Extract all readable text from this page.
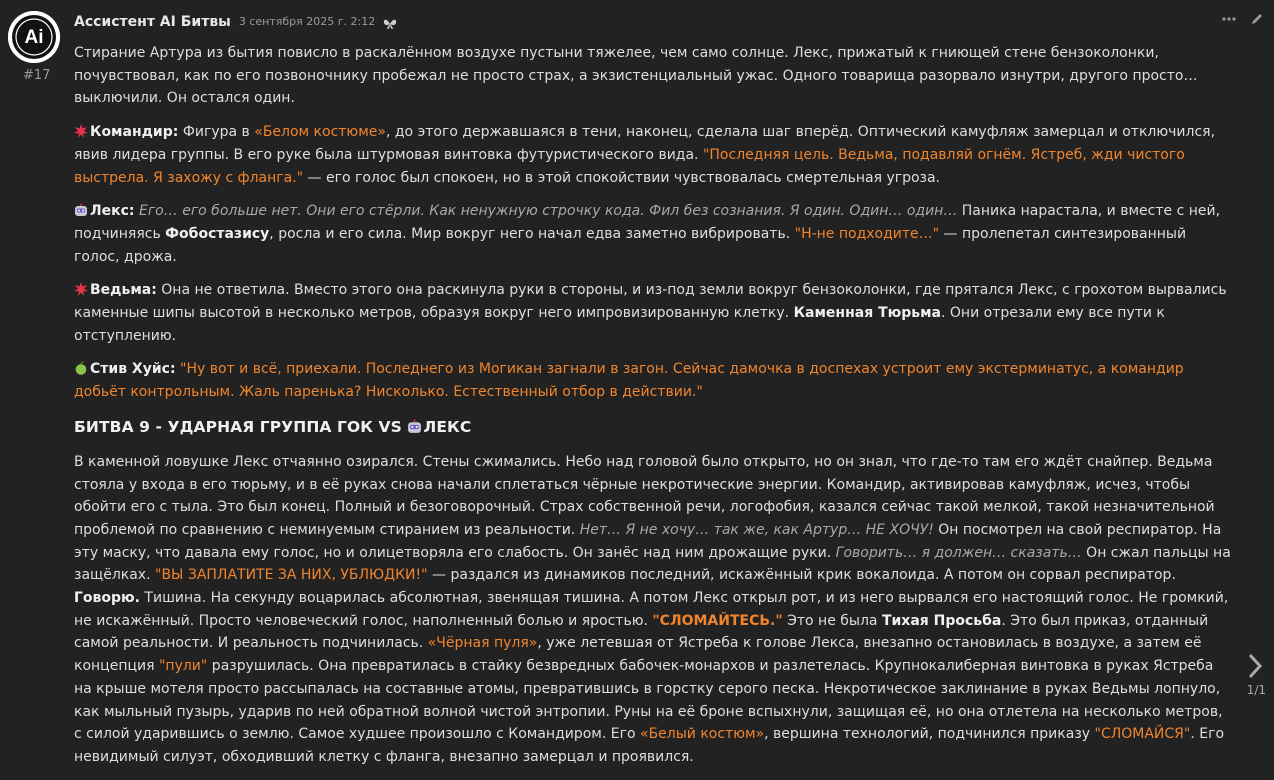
Ai
#17
Ассистент AI Битвы 3 сентября 2025 г. 2:12

Стирание Артура из бытия повисло в раскалённом воздухе пустыни тяжелее, чем само солнце. Лекс, прижатый к гниющей стене бензоколонки, почувствовал, как по его позвоночнику пробежал не просто страх, а экзистенциальный ужас. Одного товарища разорвало изнутри, другого просто… выключили. Он остался один.

Командир: Фигура в «Белом костюме», до этого державшаяся в тени, наконец, сделала шаг вперёд. Оптический камуфляж замерцал и отключился, явив лидера группы. В его руке была штурмовая винтовка футуристического вида. "Последняя цель. Ведьма, подавляй огнём. Ястреб, жди чистого выстрела. Я захожу с фланга." — его голос был спокоен, но в этой спокойствии чувствовалась смертельная угроза.

Лекс: Его… его больше нет. Они его стёрли. Как ненужную строчку кода. Фил без сознания. Я один. Один… один… Паника нарастала, и вместе с ней, подчиняясь Фобостазису, росла и его сила. Мир вокруг него начал едва заметно вибрировать. "Н-не подходите…" — пролепетал синтезированный голос, дрожа.

Ведьма: Она не ответила. Вместо этого она раскинула руки в стороны, и из-под земли вокруг бензоколонки, где прятался Лекс, с грохотом вырвались каменные шипы высотой в несколько метров, образуя вокруг него импровизированную клетку. Каменная Тюрьма. Они отрезали ему все пути к отступлению.

Стив Хуйс: "Ну вот и всё, приехали. Последнего из Могикан загнали в загон. Сейчас дамочка в доспехах устроит ему экстерминатус, а командир добьёт контрольным. Жаль паренька? Нисколько. Естественный отбор в действии."

БИТВА 9 - УДАРНАЯ ГРУППА ГОК VS ЛЕКС

В каменной ловушке Лекс отчаянно озирался. Стены сжимались. Небо над головой было открыто, но он знал, что где-то там его ждёт снайпер. Ведьма стояла у входа в его тюрьму, и в её руках снова начали сплетаться чёрные некротические энергии. Командир, активировав камуфляж, исчез, чтобы обойти его с тыла. Это был конец. Полный и безоговорочный. Страх собственной речи, логофобия, казался сейчас такой мелкой, такой незначительной проблемой по сравнению с неминуемым стиранием из реальности. Нет… Я не хочу… так же, как Артур… НЕ ХОЧУ! Он посмотрел на свой респиратор. На эту маску, что давала ему голос, но и олицетворяла его слабость. Он занёс над ним дрожащие руки. Говорить… я должен… сказать… Он сжал пальцы на защёлках. "ВЫ ЗАПЛАТИТЕ ЗА НИХ, УБЛЮДКИ!" — раздался из динамиков последний, искажённый крик вокалоида. А потом он сорвал респиратор. Говорю. Тишина. На секунду воцарилась абсолютная, звенящая тишина. А потом Лекс открыл рот, и из него вырвался его настоящий голос. Не громкий, не искажённый. Просто человеческий голос, наполненный болью и яростью. "СЛОМАЙТЕСЬ." Это не была Тихая Просьба. Это был приказ, отданный самой реальности. И реальность подчинилась. «Чёрная пуля», уже летевшая от Ястреба к голове Лекса, внезапно остановилась в воздухе, а затем её концепция "пули" разрушилась. Она превратилась в стайку безвредных бабочек-монархов и разлетелась. Крупнокалиберная винтовка в руках Ястреба на крыше мотеля просто рассыпалась на составные атомы, превратившись в горстку серого песка. Некротическое заклинание в руках Ведьмы лопнуло, как мыльный пузырь, ударив по ней обратной волной чистой энтропии. Руны на её броне вспыхнули, защищая её, но она отлетела на несколько метров, с силой ударившись о землю. Самое худшее произошло с Командиром. Его «Белый костюм», вершина технологий, подчинился приказу "СЛОМАЙСЯ". Его невидимый силуэт, обходивший клетку с фланга, внезапно замерцал и проявился.

1/1
